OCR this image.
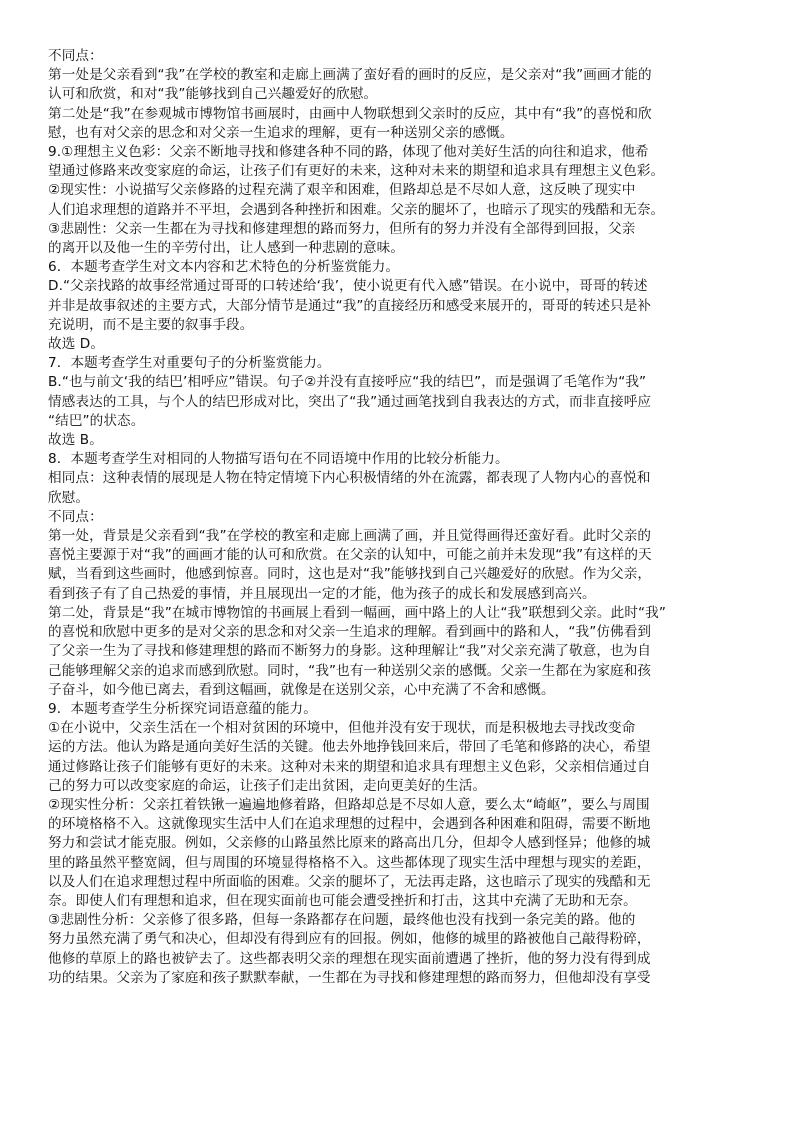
不同点：

第一处是父亲看到“我”在学校的教室和走廊上画满了蛮好看的画时的反应，是父亲对“我”画画才能的

认可和欣赏，和对“我”能够找到自己兴趣爱好的欣慰。

第二处是“我”在参观城市博物馆书画展时，由画中人物联想到父亲时的反应，其中有“我”的喜悦和欣

慰，也有对父亲的思念和对父亲一生追求的理解，更有一种送别父亲的感慨。

9.①理想主义色彩：父亲不断地寻找和修建各种不同的路，体现了他对美好生活的向往和追求，他希

望通过修路来改变家庭的命运，让孩子们有更好的未来，这种对未来的期望和追求具有理想主义色彩。

②现实性：小说描写父亲修路的过程充满了艰辛和困难，但路却总是不尽如人意，这反映了现实中

人们追求理想的道路并不平坦，会遇到各种挫折和困难。父亲的腿坏了，也暗示了现实的残酷和无奈。

③悲剧性：父亲一生都在为寻找和修建理想的路而努力，但所有的努力并没有全部得到回报，父亲

的离开以及他一生的辛劳付出，让人感到一种悲剧的意味。

6．本题考查学生对文本内容和艺术特色的分析鉴赏能力。

D.“父亲找路的故事经常通过哥哥的口转述给‘我’，使小说更有代入感”错误。在小说中，哥哥的转述

并非是故事叙述的主要方式，大部分情节是通过“我”的直接经历和感受来展开的，哥哥的转述只是补

充说明，而不是主要的叙事手段。

故选 D。

7．本题考查学生对重要句子的分析鉴赏能力。

B.“也与前文‘我的结巴’相呼应”错误。句子②并没有直接呼应“我的结巴”，而是强调了毛笔作为“我”

情感表达的工具，与个人的结巴形成对比，突出了“我”通过画笔找到自我表达的方式，而非直接呼应

“结巴”的状态。

故选 B。

8．本题考查学生对相同的人物描写语句在不同语境中作用的比较分析能力。

相同点：这种表情的展现是人物在特定情境下内心积极情绪的外在流露，都表现了人物内心的喜悦和

欣慰。

不同点：

第一处，背景是父亲看到“我”在学校的教室和走廊上画满了画，并且觉得画得还蛮好看。此时父亲的

喜悦主要源于对“我”的画画才能的认可和欣赏。在父亲的认知中，可能之前并未发现“我”有这样的天

赋，当看到这些画时，他感到惊喜。同时，这也是对“我”能够找到自己兴趣爱好的欣慰。作为父亲，

看到孩子有了自己热爱的事情，并且展现出一定的才能，他为孩子的成长和发展感到高兴。

第二处，背景是“我”在城市博物馆的书画展上看到一幅画，画中路上的人让“我”联想到父亲。此时“我”

的喜悦和欣慰中更多的是对父亲的思念和对父亲一生追求的理解。看到画中的路和人，“我”仿佛看到

了父亲一生为了寻找和修建理想的路而不断努力的身影。这种理解让“我”对父亲充满了敬意，也为自

己能够理解父亲的追求而感到欣慰。同时，“我”也有一种送别父亲的感慨。父亲一生都在为家庭和孩

子奋斗，如今他已离去，看到这幅画，就像是在送别父亲，心中充满了不舍和感慨。

9．本题考查学生分析探究词语意蕴的能力。

①在小说中，父亲生活在一个相对贫困的环境中，但他并没有安于现状，而是积极地去寻找改变命

运的方法。他认为路是通向美好生活的关键。他去外地挣钱回来后，带回了毛笔和修路的决心，希望

通过修路让孩子们能够有更好的未来。这种对未来的期望和追求具有理想主义色彩，父亲相信通过自

己的努力可以改变家庭的命运，让孩子们走出贫困，走向更美好的生活。

②现实性分析：父亲扛着铁锹一遍遍地修着路，但路却总是不尽如人意，要么太“崎岖”，要么与周围

的环境格格不入。这就像现实生活中人们在追求理想的过程中，会遇到各种困难和阻碍，需要不断地

努力和尝试才能克服。例如，父亲修的山路虽然比原来的路高出几分，但却令人感到怪异；他修的城

里的路虽然平整宽阔，但与周围的环境显得格格不入。这些都体现了现实生活中理想与现实的差距，

以及人们在追求理想过程中所面临的困难。父亲的腿坏了，无法再走路，这也暗示了现实的残酷和无

奈。即使人们有理想和追求，但在现实面前也可能会遭受挫折和打击，这其中充满了无助和无奈。

③悲剧性分析：父亲修了很多路，但每一条路都存在问题，最终他也没有找到一条完美的路。他的

努力虽然充满了勇气和决心，但却没有得到应有的回报。例如，他修的城里的路被他自己敲得粉碎，

他修的草原上的路也被铲去了。这些都表明父亲的理想在现实面前遭遇了挫折，他的努力没有得到成

功的结果。父亲为了家庭和孩子默默奉献，一生都在为寻找和修建理想的路而努力，但他却没有享受
